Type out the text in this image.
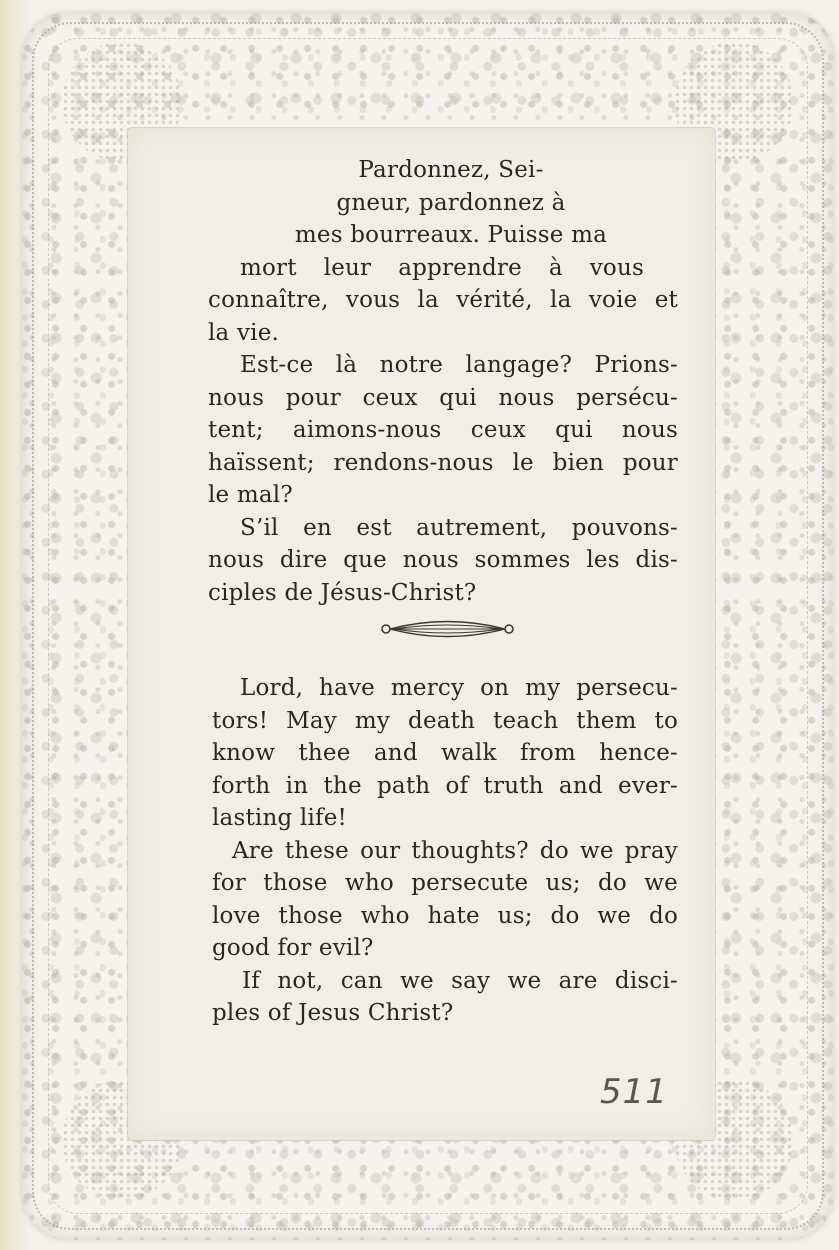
Pardonnez, Sei-
gneur, pardonnez à
mes bourreaux. Puisse ma
mort leur apprendre à vous
connaître, vous la vérité, la voie et
la vie.
Est-ce là notre langage? Prions-
nous pour ceux qui nous persécu-
tent; aimons-nous ceux qui nous
haïssent; rendons-nous le bien pour
le mal?
S’il en est autrement, pouvons-
nous dire que nous sommes les dis-
ciples de Jésus-Christ?
Lord, have mercy on my persecu-
tors! May my death teach them to
know thee and walk from hence-
forth in the path of truth and ever-
lasting life!
Are these our thoughts? do we pray
for those who persecute us; do we
love those who hate us; do we do
good for evil?
If not, can we say we are disci-
ples of Jesus Christ?
511
